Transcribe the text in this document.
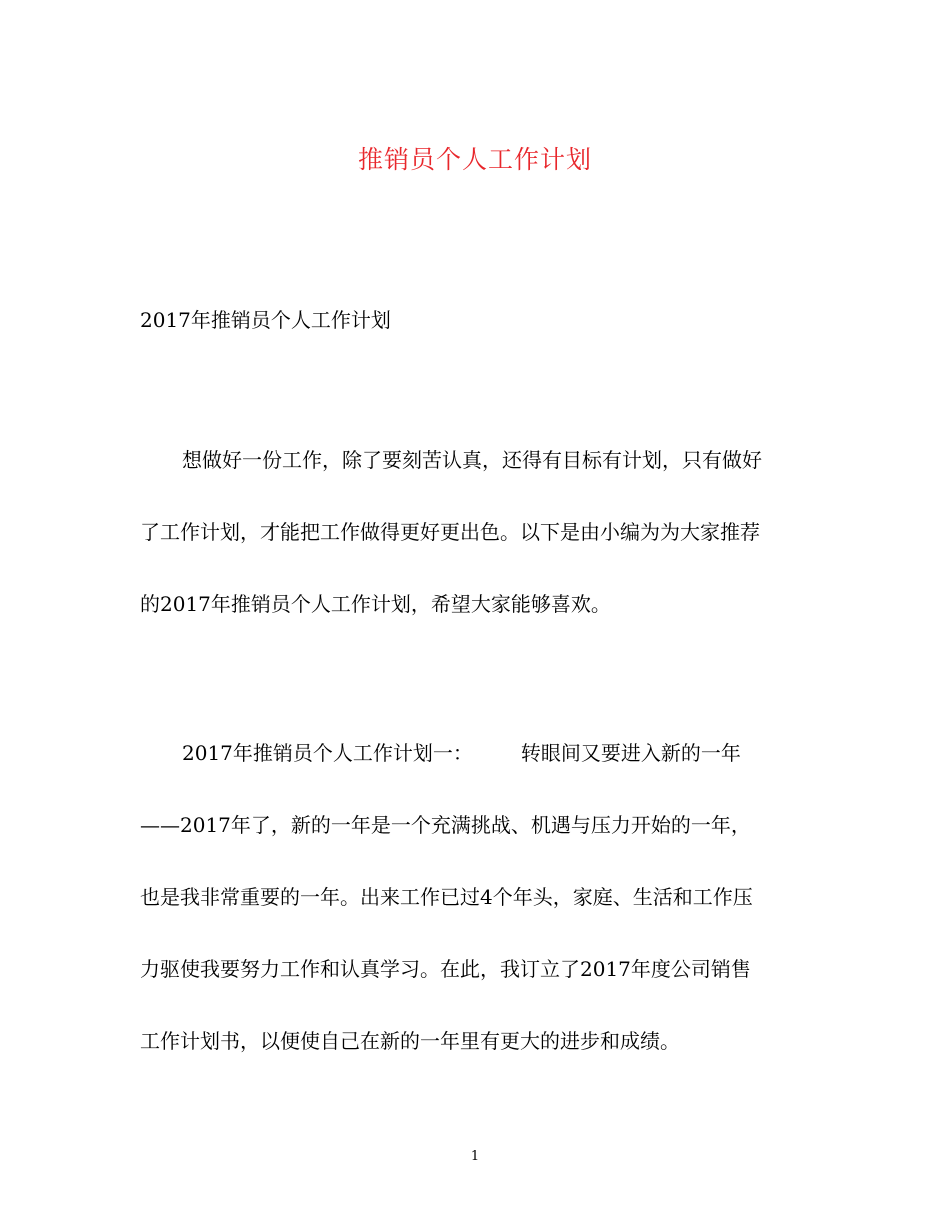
推销员个人工作计划
2017年推销员个人工作计划
想做好一份工作，除了要刻苦认真，还得有目标有计划，只有做好
了工作计划，才能把工作做得更好更出色。以下是由小编为为大家推荐
的2017年推销员个人工作计划，希望大家能够喜欢。
2017年推销员个人工作计划一： 转眼间又要进入新的一年
——2017年了，新的一年是一个充满挑战、机遇与压力开始的一年，
也是我非常重要的一年。出来工作已过4个年头，家庭、生活和工作压
力驱使我要努力工作和认真学习。在此，我订立了2017年度公司销售
工作计划书，以便使自己在新的一年里有更大的进步和成绩。
1
